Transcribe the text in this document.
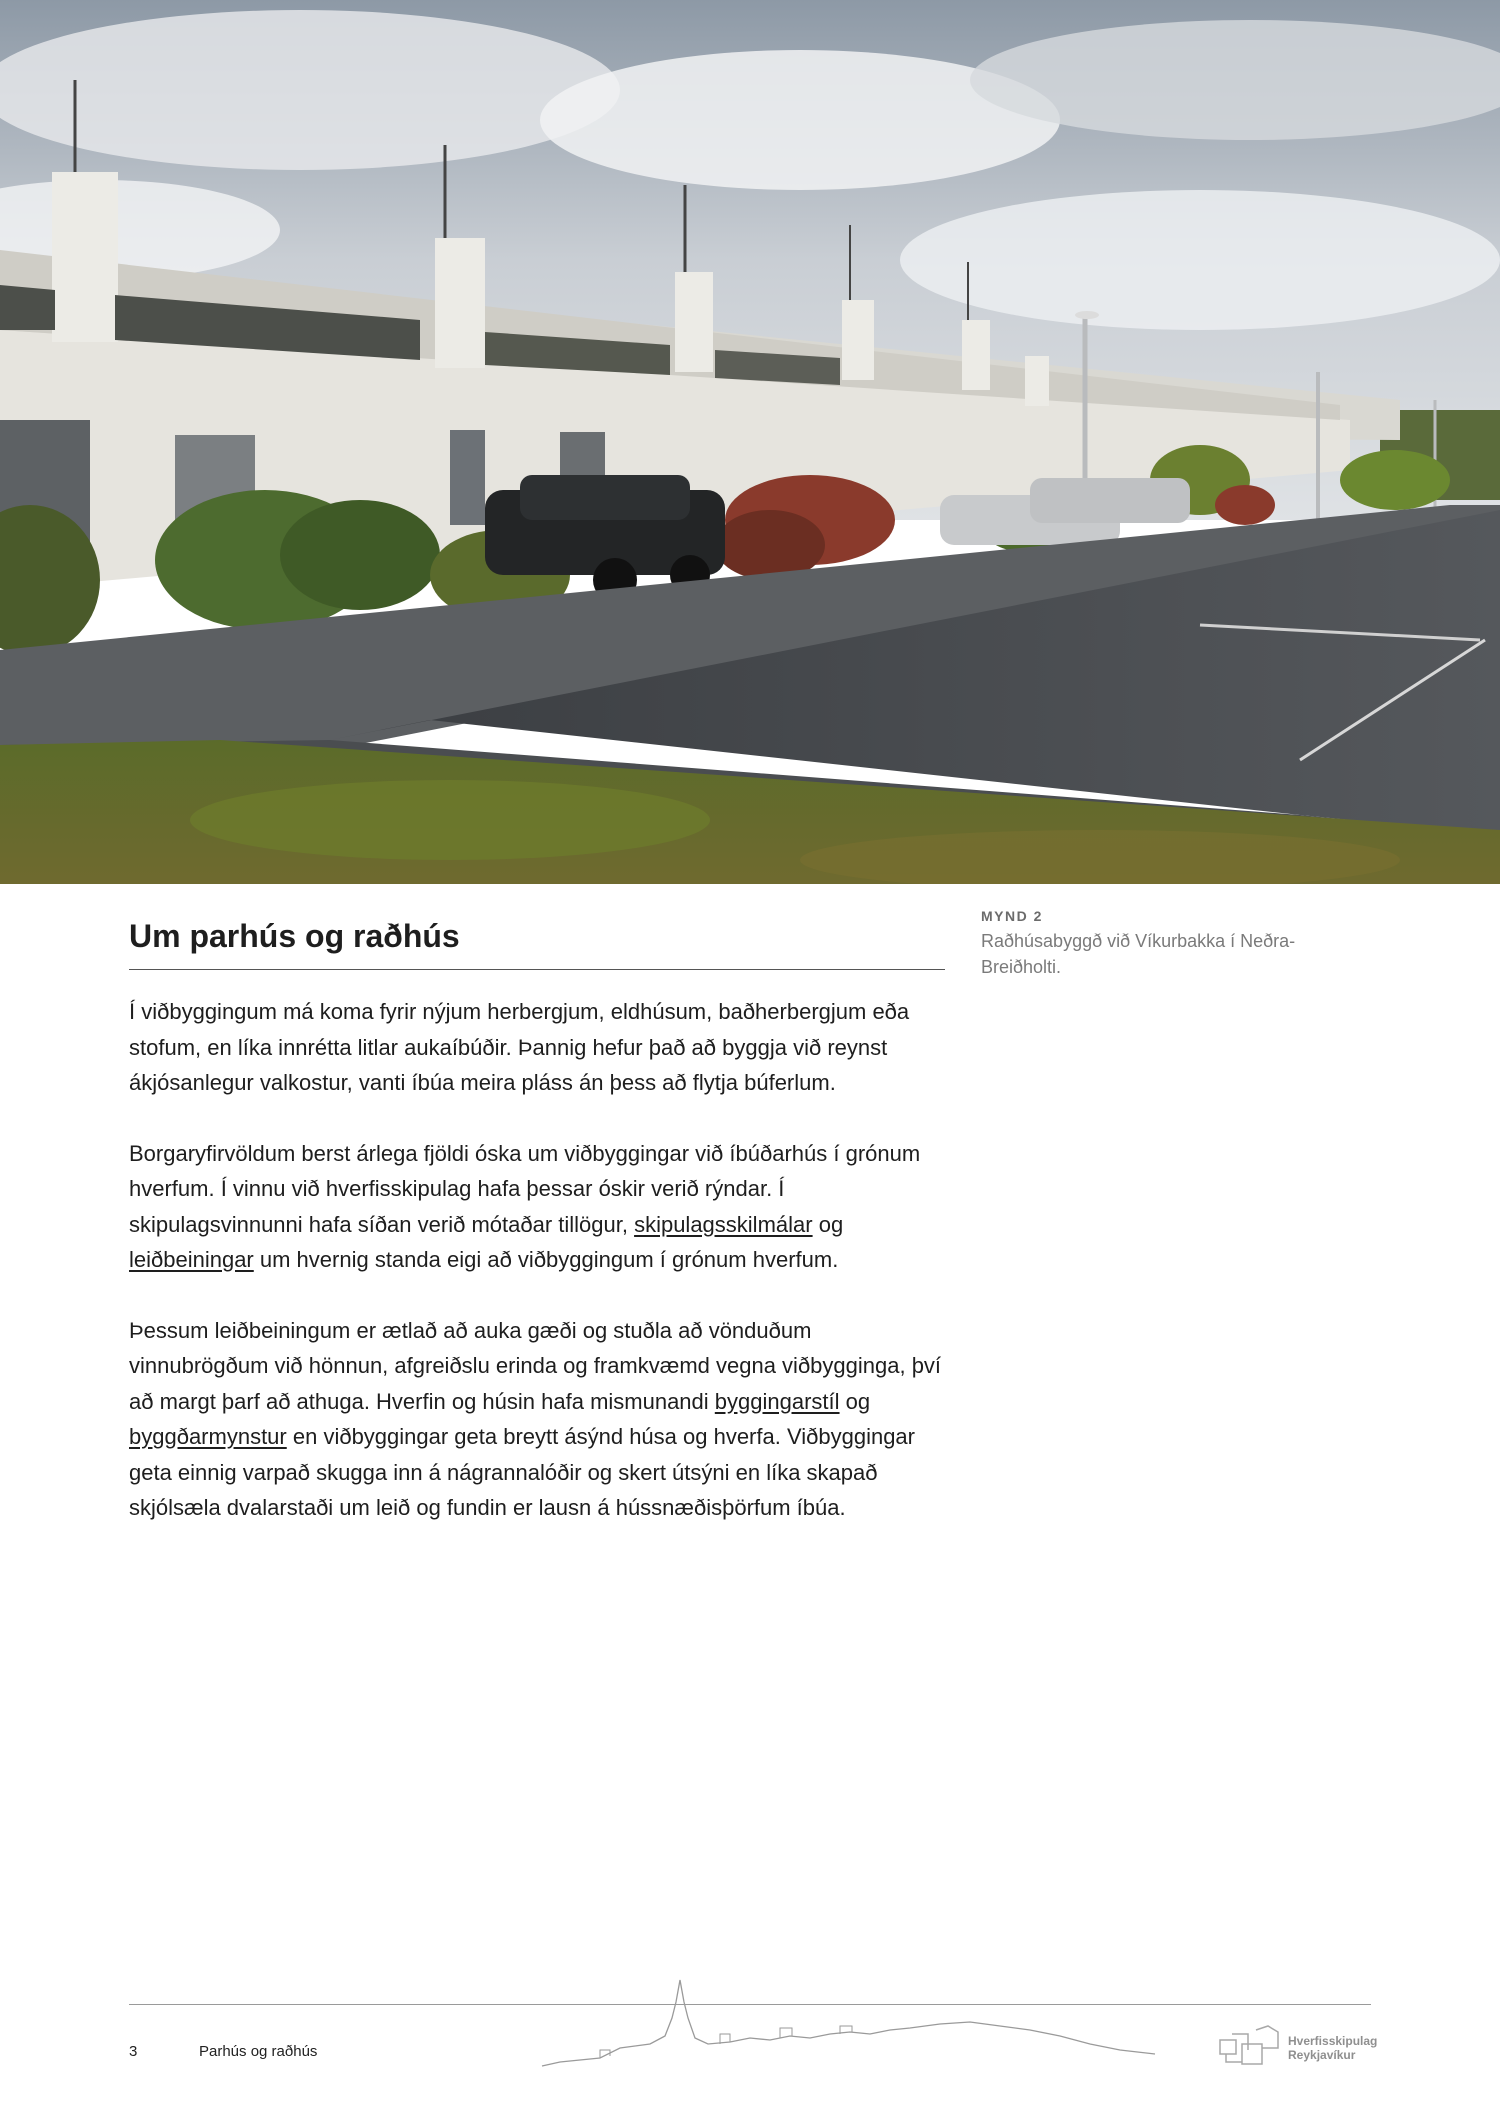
MYND 2
Raðhúsabyggð við Víkurbakka í Neðra-Breiðholti.
Um parhús og raðhús

Í viðbyggingum má koma fyrir nýjum herbergjum, eldhúsum, baðherbergjum eða stofum, en líka innrétta litlar aukaíbúðir. Þannig hefur það að byggja við reynst ákjósanlegur valkostur, vanti íbúa meira pláss án þess að flytja búferlum.

Borgaryfirvöldum berst árlega fjöldi óska um viðbyggingar við íbúðarhús í grónum hverfum. Í vinnu við hverfisskipulag hafa þessar óskir verið rýndar. Í skipulagsvinnunni hafa síðan verið mótaðar tillögur, skipulagsskilmálar og leiðbeiningar um hvernig standa eigi að viðbyggingum í grónum hverfum.

Þessum leiðbeiningum er ætlað að auka gæði og stuðla að vönduðum vinnubrögðum við hönnun, afgreiðslu erinda og framkvæmd vegna viðbygginga, því að margt þarf að athuga. Hverfin og húsin hafa mismunandi byggingarstíl og byggðarmynstur en viðbyggingar geta breytt ásýnd húsa og hverfa. Viðbyggingar geta einnig varpað skugga inn á nágrannalóðir og skert útsýni en líka skapað skjólsæla dvalarstaði um leið og fundin er lausn á hússnæðisþörfum íbúa.

3	Parhús og raðhús
Hverfisskipulag
Reykjavíkur
